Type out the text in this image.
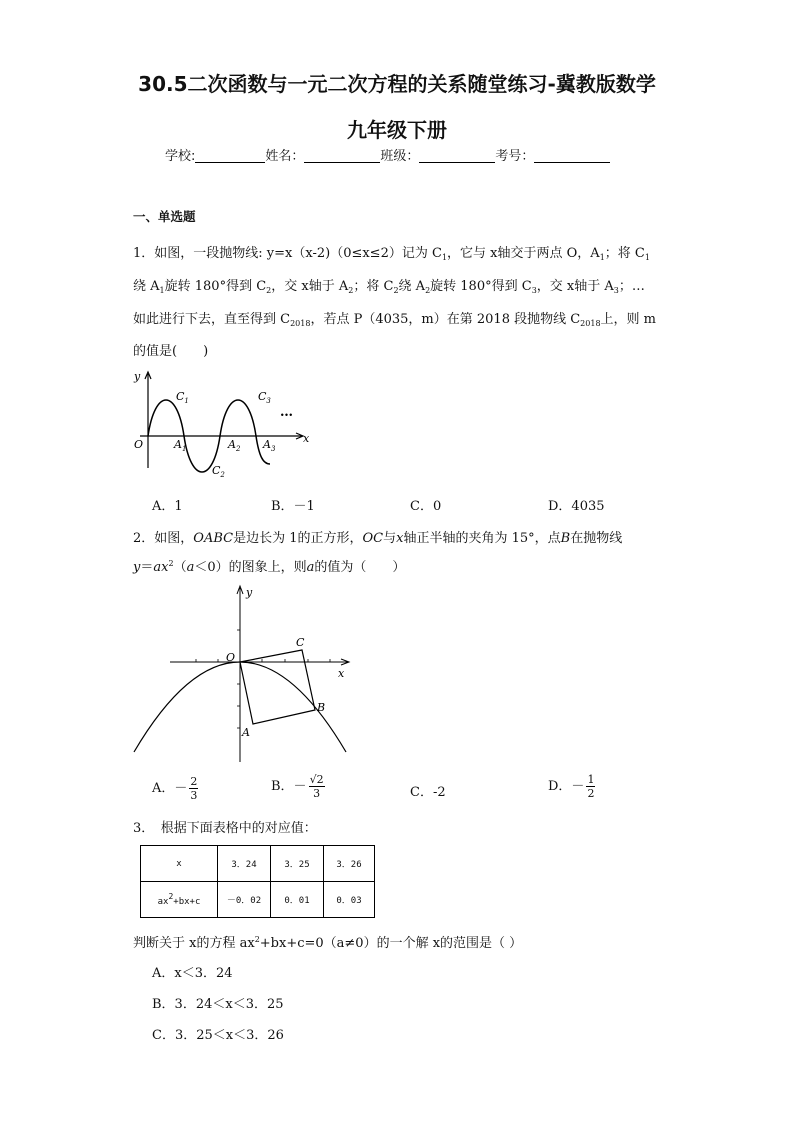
30.5二次函数与一元二次方程的关系随堂练习-冀教版数学
九年级下册
学校:	姓名：	班级：	考号：
一、单选题
1．如图，一段抛物线: y=x（x-2)（0≤x≤2）记为 $C_1$，它与 x轴交于两点 O，$A_1$；将 $C_1$
绕 $A_1$旋转 180°得到 $C_2$，交 x轴于 $A_2$；将 $C_2$绕 $A_2$旋转 180°得到 $C_3$，交 x轴于 $A_3$；…
如此进行下去，直至得到 $C_{2018}$，若点 P（4035，m）在第 2018 段抛物线 $C_{2018}$上，则 m
的值是(　　)
y
x
O
$C_1$
$C_2$
$C_3$
$A_1$	$A_2$ $A_3$
…
A．1	B．－1	C．0	D．4035
2．如图，OABC是边长为 1的正方形，OC与x轴正半轴的夹角为 15°，点B在抛物线
$y=ax^2(a<0)$的图象上，则a的值为（　　）
y
x
O
C
B
A
A．－ $\frac{2}{3}$	B．－ $\frac{√2}{3}$	C．-2	D．－ $\frac{1}{2}$
3．　根据下面表格中的对应值：
x	3．24	3．25	3．26
$ax^2+bx+c$	－0．02	0．01	0．03
判断关于 x的方程 $ax^2+bx+c=0(a\ne 0)$的一个解 x的范围是（ ）
A．x＜3．24
B．3．24＜x＜3．25
C．3．25＜x＜3．26
